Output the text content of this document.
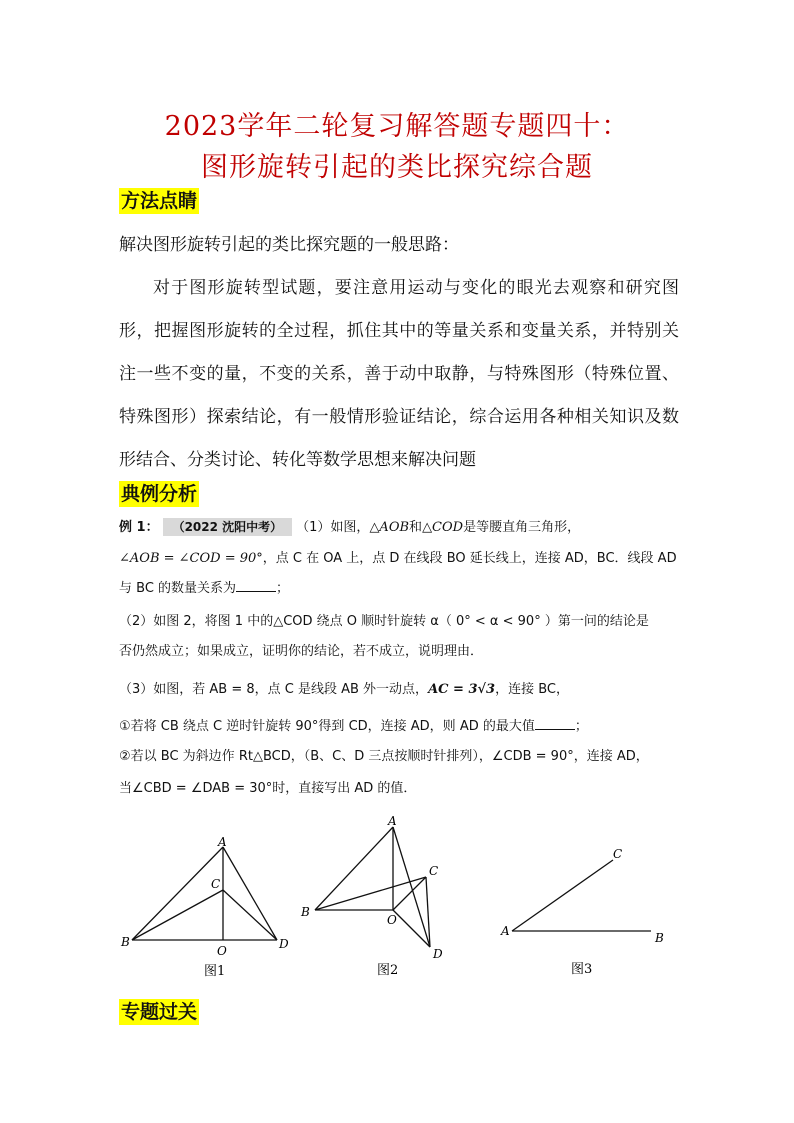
2023学年二轮复习解答题专题四十：
图形旋转引起的类比探究综合题
方法点睛
解决图形旋转引起的类比探究题的一般思路：
对于图形旋转型试题，要注意用运动与变化的眼光去观察和研究图形，把握图形旋转的全过程，抓住其中的等量关系和变量关系，并特别关注一些不变的量，不变的关系，善于动中取静，与特殊图形（特殊位置、特殊图形）探索结论，有一般情形验证结论，综合运用各种相关知识及数形结合、分类讨论、转化等数学思想来解决问题
典例分析
例 1： （2022 沈阳中考） （1）如图，△AOB和△COD是等腰直角三角形，
∠AOB = ∠COD = 90°，点 C 在 OA 上，点 D 在线段 BO 延长线上，连接 AD，BC．线段 AD
与 BC 的数量关系为	；
（2）如图 2，将图 1 中的△COD 绕点 O 顺时针旋转 α（ 0° < α < 90° ）第一问的结论是
否仍然成立；如果成立，证明你的结论，若不成立，说明理由．
（3）如图，若 AB = 8，点 C 是线段 AB 外一动点，AC = 3√3，连接 BC，
①若将 CB 绕点 C 逆时针旋转 90°得到 CD，连接 AD，则 AD 的最大值	；
②若以 BC 为斜边作 Rt△BCD，（B、C、D 三点按顺时针排列），∠CDB = 90°，连接 AD，
当∠CBD = ∠DAB = 30°时，直接写出 AD 的值．
A
B
C
D
O
图1
A
B
C
D
O
图2
A	B
C
图3
专题过关
